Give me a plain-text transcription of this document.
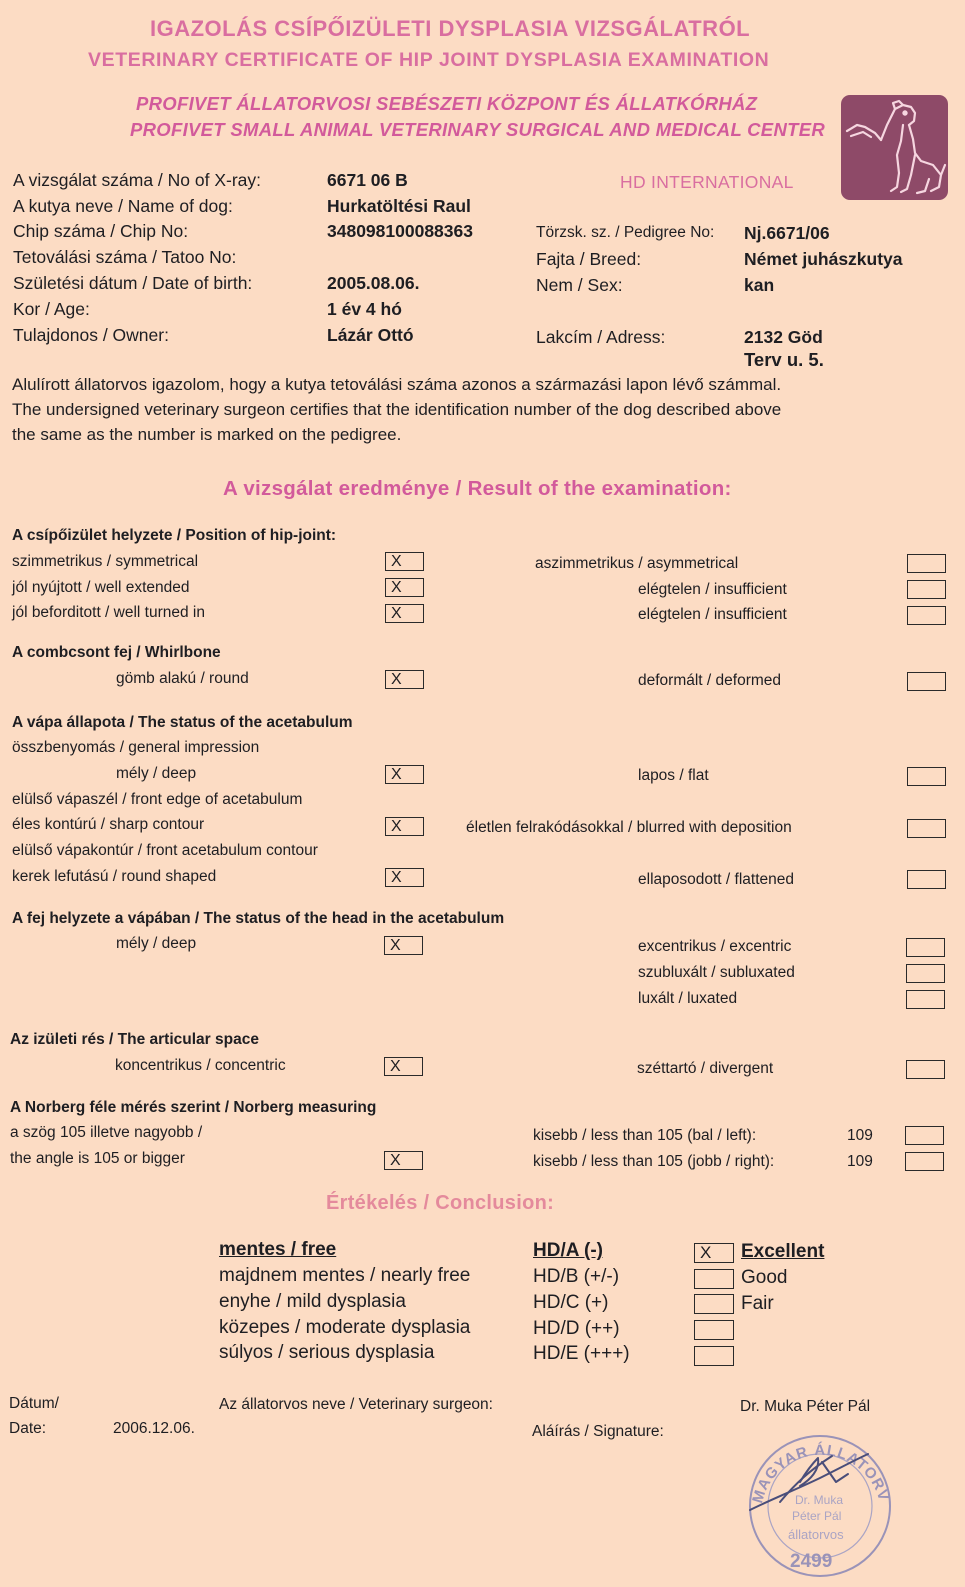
IGAZOLÁS CSÍPŐIZÜLETI DYSPLASIA VIZSGÁLATRÓL
VETERINARY CERTIFICATE OF HIP JOINT DYSPLASIA EXAMINATION
PROFIVET ÁLLATORVOSI SEBÉSZETI KÖZPONT ÉS ÁLLATKÓRHÁZ
PROFIVET SMALL ANIMAL VETERINARY SURGICAL AND MEDICAL CENTER
HD INTERNATIONAL
A vizsgálat száma / No of X-ray:	6671 06 B
A kutya neve / Name of dog:	Hurkatöltési Raul
Chip száma / Chip No:	348098100088363
Tetoválási száma / Tatoo No:
Születési dátum / Date of birth:	2005.08.06.
Kor / Age:	1 év 4 hó
Tulajdonos / Owner:	Lázár Ottó
Törzsk. sz. / Pedigree No: Nj.6671/06
Fajta / Breed:	Német juhászkutya
Nem / Sex:	kan
Lakcím / Adress:	2132 Göd
Terv u. 5.
Alulírott állatorvos igazolom, hogy a kutya tetoválási száma azonos a származási lapon lévő számmal.
The undersigned veterinary surgeon certifies that the identification number of the dog described above
the same as the number is marked on the pedigree.
A vizsgálat eredménye / Result of the examination:
A csípőizület helyzete / Position of hip-joint:
szimmetrikus / symmetrical	X	aszimmetrikus / asymmetrical
jól nyújtott / well extended	X	elégtelen / insufficient
jól beforditott / well turned in	X	elégtelen / insufficient
A combcsont fej / Whirlbone
gömb alakú / round	X	deformált / deformed
A vápa állapota / The status of the acetabulum
összbenyomás / general impression
mély / deep	X	lapos / flat
elülső vápaszél / front edge of acetabulum
éles kontúrú / sharp contour	X	életlen felrakódásokkal / blurred with deposition
elülső vápakontúr / front acetabulum contour
kerek lefutású / round shaped	X	ellaposodott / flattened
A fej helyzete a vápában / The status of the head in the acetabulum
mély / deep	X	excentrikus / excentric
szubluxált / subluxated
luxált / luxated
Az izületi rés / The articular space
koncentrikus / concentric	X	széttartó / divergent
A Norberg féle mérés szerint / Norberg measuring
a szög 105 illetve nagyobb /
the angle is 105 or bigger	X
kisebb / less than 105 (bal / left):	109
kisebb / less than 105 (jobb / right):	109
Értékelés / Conclusion:
mentes / free	HD/A (-)	X	Excellent
majdnem mentes / nearly free	HD/B (+/-)	Good
enyhe / mild dysplasia	HD/C (+)	Fair
közepes / moderate dysplasia	HD/D (++)
súlyos / serious dysplasia	HD/E (+++)
Dátum/
Date:	2006.12.06.
Az állatorvos neve / Veterinary surgeon:	Dr. Muka Péter Pál
Aláírás / Signature:
MAGYAR ÁLLATORV
Dr. Muka
Péter Pál
állatorvos
2499
